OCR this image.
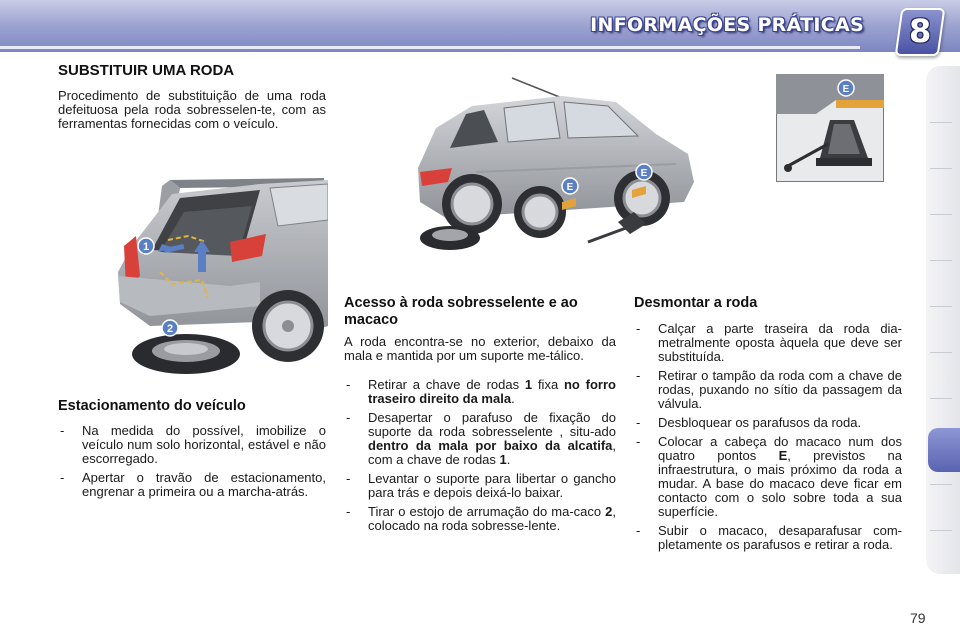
INFORMAÇÕES PRÁTICAS 8
SUBSTITUIR UMA RODA

Procedimento de substituição de uma roda defeituosa pela roda sobresselen-te, com as ferramentas fornecidas com o veículo.

1
2
E
E
E
Estacionamento do veículo
- Na medida do possível, imobilize o veículo num solo horizontal, estável e não escorregado.
- Apertar o travão de estacionamento, engrenar a primeira ou a marcha-atrás.
Acesso à roda sobresselente e ao macaco

A roda encontra-se no exterior, debaixo da mala e mantida por um suporte me-tálico.

- Retirar a chave de rodas 1 fixa no forro traseiro direito da mala.
- Desapertar o parafuso de fixação do suporte da roda sobresselente , situ-ado dentro da mala por baixo da alcatifa, com a chave de rodas 1.
- Levantar o suporte para libertar o gancho para trás e depois deixá-lo baixar.
- Tirar o estojo de arrumação do ma-caco 2, colocado na roda sobresse-lente.
Desmontar a roda
- Calçar a parte traseira da roda dia-metralmente oposta àquela que deve ser substituída.
- Retirar o tampão da roda com a chave de rodas, puxando no sítio da passagem da válvula.
- Desbloquear os parafusos da roda.
- Colocar a cabeça do macaco num dos quatro pontos E, previstos na infraestrutura, o mais próximo da roda a mudar. A base do macaco deve ficar em contacto com o solo sobre toda a sua superfície.
- Subir o macaco, desaparafusar com-pletamente os parafusos e retirar a roda.
79
